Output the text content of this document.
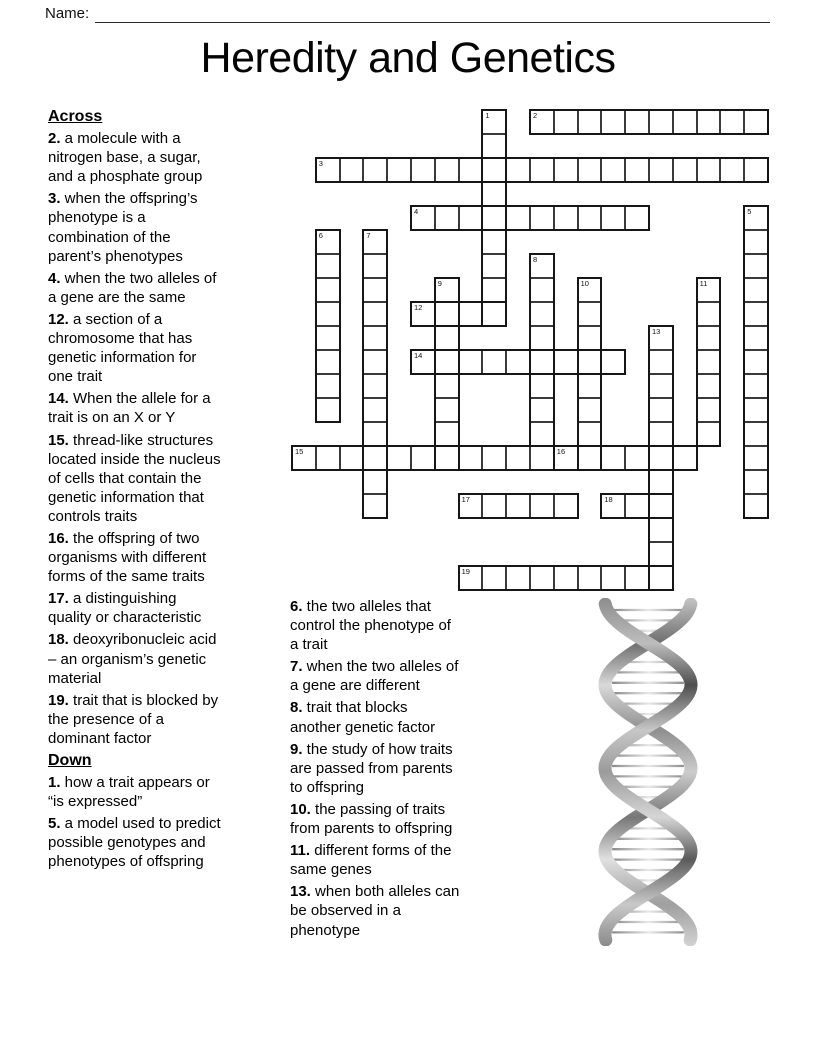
Name:
Heredity and Genetics
Across

2. a molecule with a nitrogen base, a sugar, and a phosphate group

3. when the offspring’s phenotype is a combination of the parent’s phenotypes

4. when the two alleles of a gene are the same

12. a section of a chromosome that has genetic information for one trait

14. When the allele for a trait is on an X or Y

15. thread-like structures located inside the nucleus of cells that contain the genetic information that controls traits

16. the offspring of two organisms with different forms of the same traits

17. a distinguishing quality or characteristic

18. deoxyribonucleic acid – an organism’s genetic material

19. trait that is blocked by the presence of a dominant factor

Down

1. how a trait appears or “is expressed”

5. a model used to predict possible genotypes and phenotypes of offspring

6. the two alleles that control the phenotype of a trait

7. when the two alleles of a gene are different

8. trait that blocks another genetic factor

9. the study of how traits are passed from parents to offspring

10. the passing of traits from parents to offspring

11. different forms of the same genes

13. when both alleles can be observed in a phenotype

2
3
4
12
14
15	16
17	18
19
1
5
6	7
8
9	10	11
13
